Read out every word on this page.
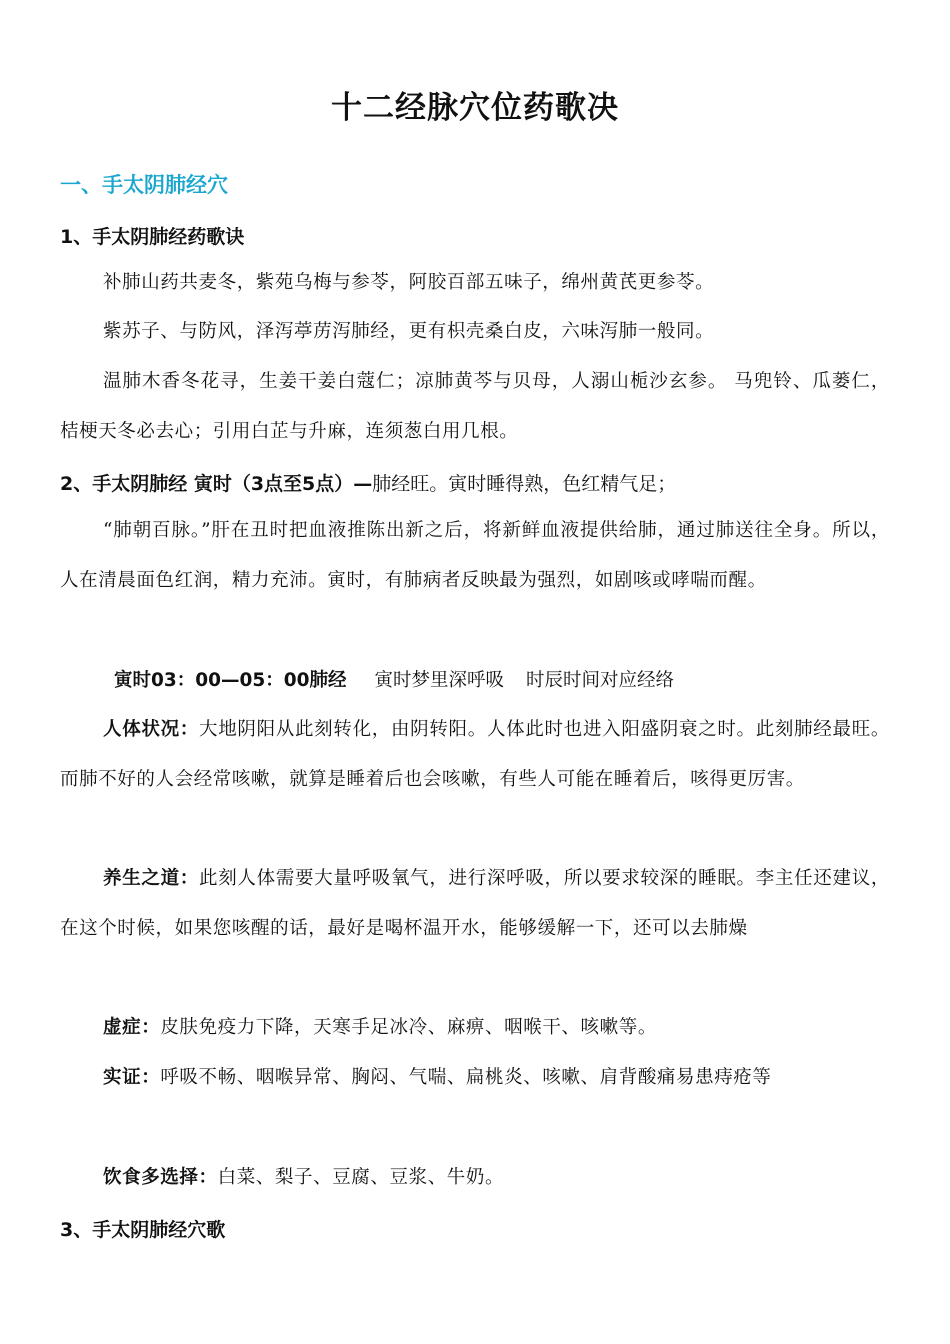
十二经脉穴位药歌决
一、手太阴肺经穴
1、手太阴肺经药歌诀
补肺山药共麦冬，紫苑乌梅与参苓，阿胶百部五味子，绵州黄芪更参苓。
紫苏子、与防风，泽泻葶苈泻肺经，更有枳壳桑白皮，六味泻肺一般同。
温肺木香冬花寻，生姜干姜白蔻仁；凉肺黄芩与贝母，人溺山栀沙玄参。 马兜铃、瓜蒌仁，桔梗天冬必去心；引用白芷与升麻，连须葱白用几根。
2、手太阴肺经 寅时（3点至5点）—肺经旺。寅时睡得熟，色红精气足；
“肺朝百脉。”肝在丑时把血液推陈出新之后，将新鲜血液提供给肺，通过肺送往全身。所以，人在清晨面色红润，精力充沛。寅时，有肺病者反映最为强烈，如剧咳或哮喘而醒。
寅时03：00—05：00肺经 寅时梦里深呼吸 时辰时间对应经络
人体状况：大地阴阳从此刻转化，由阴转阳。人体此时也进入阳盛阴衰之时。此刻肺经最旺。而肺不好的人会经常咳嗽，就算是睡着后也会咳嗽，有些人可能在睡着后，咳得更厉害。
养生之道：此刻人体需要大量呼吸氧气，进行深呼吸，所以要求较深的睡眠。李主任还建议，在这个时候，如果您咳醒的话，最好是喝杯温开水，能够缓解一下，还可以去肺燥
虚症：皮肤免疫力下降，天寒手足冰冷、麻痹、咽喉干、咳嗽等。
实证：呼吸不畅、咽喉异常、胸闷、气喘、扁桃炎、咳嗽、肩背酸痛易患痔疮等
饮食多选择：白菜、梨子、豆腐、豆浆、牛奶。
3、手太阴肺经穴歌
